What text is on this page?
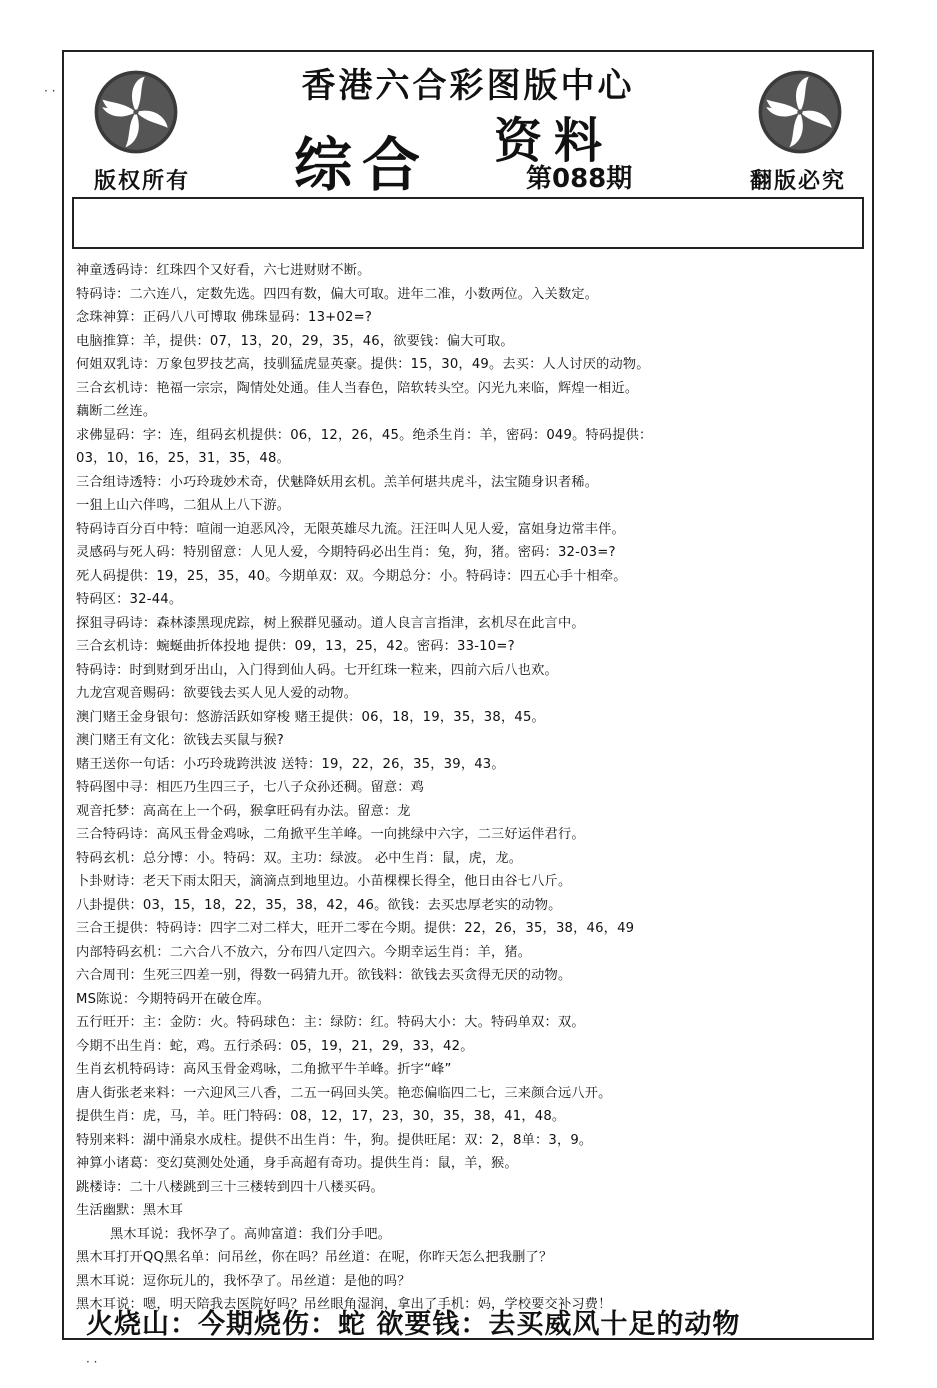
· ·
· ·
香港六合彩图版中心
综合 资料
第088期
版权所有	翻版必究
神童透码诗：红珠四个又好看，六七进财财不断。
特码诗：二六连八，定数先选。四四有数，偏大可取。进年二准，小数两位。入关数定。
念珠神算：正码八八可博取 佛珠显码：13+02=?
电脑推算：羊，提供：07，13，20，29，35，46，欲要钱：偏大可取。
何姐双乳诗：万象包罗技艺高，技驯猛虎显英豪。提供：15，30，49。去买：人人讨厌的动物。
三合玄机诗：艳福一宗宗，陶情处处通。佳人当春色，陪软转头空。闪光九来临，辉煌一相近。
藕断二丝连。
求佛显码：字：连，组码玄机提供：06，12，26，45。绝杀生肖：羊，密码：049。特码提供：
03，10，16，25，31，35，48。
三合组诗透特：小巧玲珑妙术奇，伏魅降妖用玄机。羔羊何堪共虎斗，法宝随身识者稀。
一狙上山六伴鸣，二狙从上八下游。
特码诗百分百中特：喧闹一迫恶风冷，无限英雄尽九流。汪汪叫人见人爱，富姐身边常丰伴。
灵感码与死人码：特别留意：人见人爱，今期特码必出生肖：兔，狗，猪。密码：32-03=?
死人码提供：19，25，35，40。今期单双：双。今期总分：小。特码诗：四五心手十相牵。
特码区：32-44。
探狙寻码诗：森林漆黑现虎踪，树上猴群见骚动。道人良言言指津，玄机尽在此言中。
三合玄机诗：蜿蜒曲折体投地 提供：09，13，25，42。密码：33-10=?
特码诗：时到财到牙出山，入门得到仙人码。七开红珠一粒来，四前六后八也欢。
九龙宫观音赐码：欲要钱去买人见人爱的动物。
澳门赌王金身银句：悠游活跃如穿梭 赌王提供：06，18，19，35，38，45。
澳门赌王有文化：欲钱去买鼠与猴?
赌王送你一句话：小巧玲珑跨洪波 送特：19，22，26，35，39，43。
特码图中寻：相匹乃生四三子，七八子众孙还稠。留意：鸡
观音托梦：高高在上一个码，猴拿旺码有办法。留意：龙
三合特码诗：高风玉骨金鸡咏，二角掀平生羊峰。一向挑绿中六字，二三好运伴君行。
特码玄机：总分博：小。特码：双。主功：绿波。 必中生肖：鼠，虎，龙。
卜卦财诗：老天下雨太阳天，滴滴点到地里边。小苗棵棵长得全，他日由谷七八斤。
八卦提供：03，15，18，22，35，38，42，46。欲钱：去买忠厚老实的动物。
三合王提供：特码诗：四字二对二样大，旺开二零在今期。提供：22，26，35，38，46，49
内部特码玄机：二六合八不放六，分布四八定四六。今期幸运生肖：羊，猪。
六合周刊：生死三四差一别，得数一码猜九开。欲钱料：欲钱去买贪得无厌的动物。
MS陈说：今期特码开在破仓库。
五行旺开：主：金防：火。特码球色：主：绿防：红。特码大小：大。特码单双：双。
今期不出生肖：蛇，鸡。五行杀码：05，19，21，29，33，42。
生肖玄机特码诗：高风玉骨金鸡咏，二角掀平牛羊峰。折字“峰”
唐人街张老来料：一六迎风三八香，二五一码回头笑。艳恋偏临四二七，三来颜合远八开。
提供生肖：虎，马，羊。旺门特码：08，12，17，23，30，35，38，41，48。
特别来料：湖中涌泉水成柱。提供不出生肖：牛，狗。提供旺尾：双：2，8单：3，9。
神算小诸葛：变幻莫测处处通，身手高超有奇功。提供生肖：鼠，羊，猴。
跳楼诗：二十八楼跳到三十三楼转到四十八楼买码。
生活幽默：黑木耳
黑木耳说：我怀孕了。高帅富道：我们分手吧。
黑木耳打开QQ黑名单：问吊丝，你在吗？吊丝道：在呢，你昨天怎么把我删了？
黑木耳说：逗你玩儿的，我怀孕了。吊丝道：是他的吗？
黑木耳说：嗯，明天陪我去医院好吗？吊丝眼角湿润，拿出了手机：妈，学校要交补习费！
火烧山：今期烧伤：蛇 欲要钱：去买威风十足的动物
